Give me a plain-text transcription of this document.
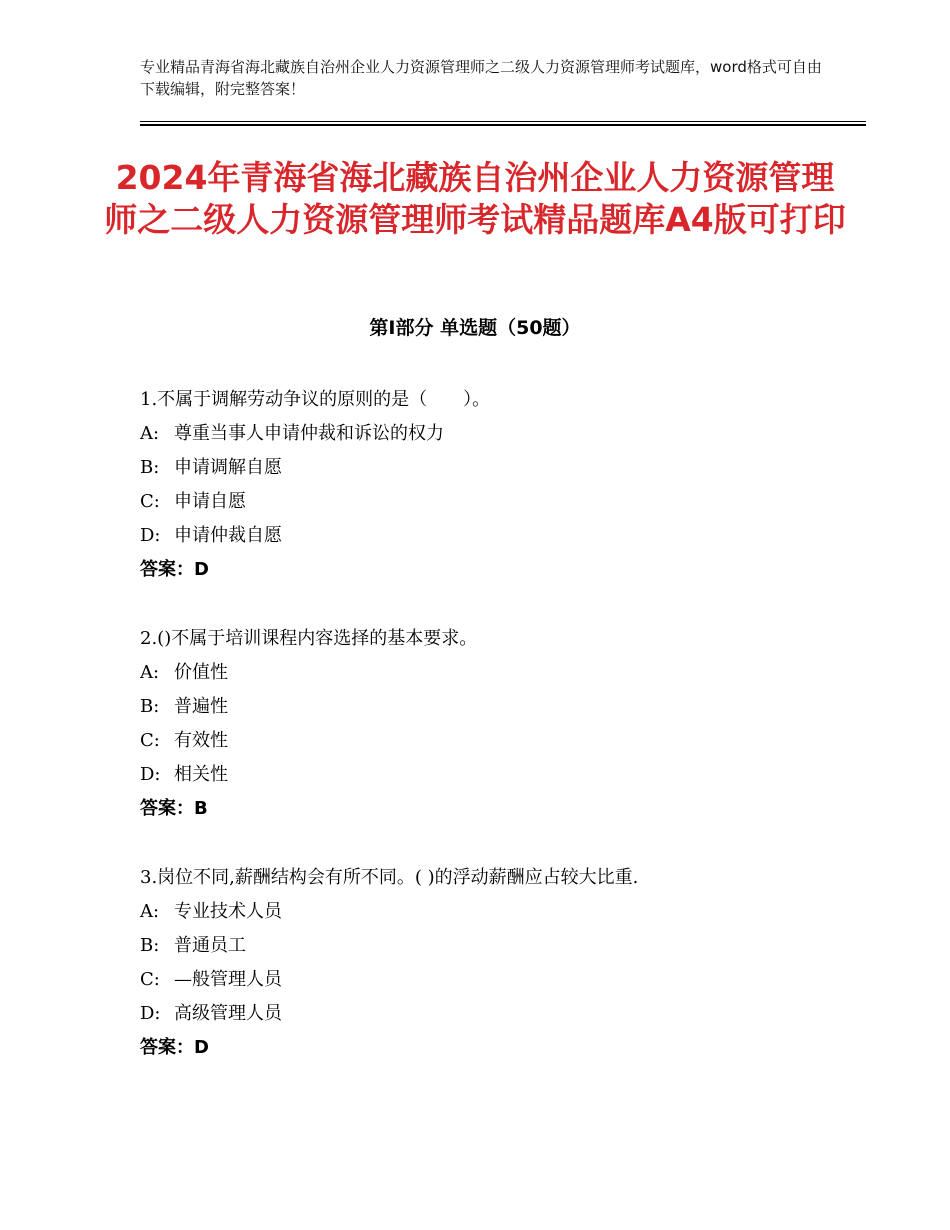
专业精品青海省海北藏族自治州企业人力资源管理师之二级人力资源管理师考试题库，word格式可自由下载编辑，附完整答案！
2024年青海省海北藏族自治州企业人力资源管理师之二级人力资源管理师考试精品题库A4版可打印
第Ⅰ部分 单选题（50题）
1.不属于调解劳动争议的原则的是（　　）。
A: 尊重当事人申请仲裁和诉讼的权力
B: 申请调解自愿
C: 申请自愿
D: 申请仲裁自愿
答案：D
2.()不属于培训课程内容选择的基本要求。
A: 价值性
B: 普遍性
C: 有效性
D: 相关性
答案：B
3.岗位不同,薪酬结构会有所不同。( )的浮动薪酬应占较大比重.
A: 专业技术人员
B: 普通员工
C: —般管理人员
D: 高级管理人员
答案：D
